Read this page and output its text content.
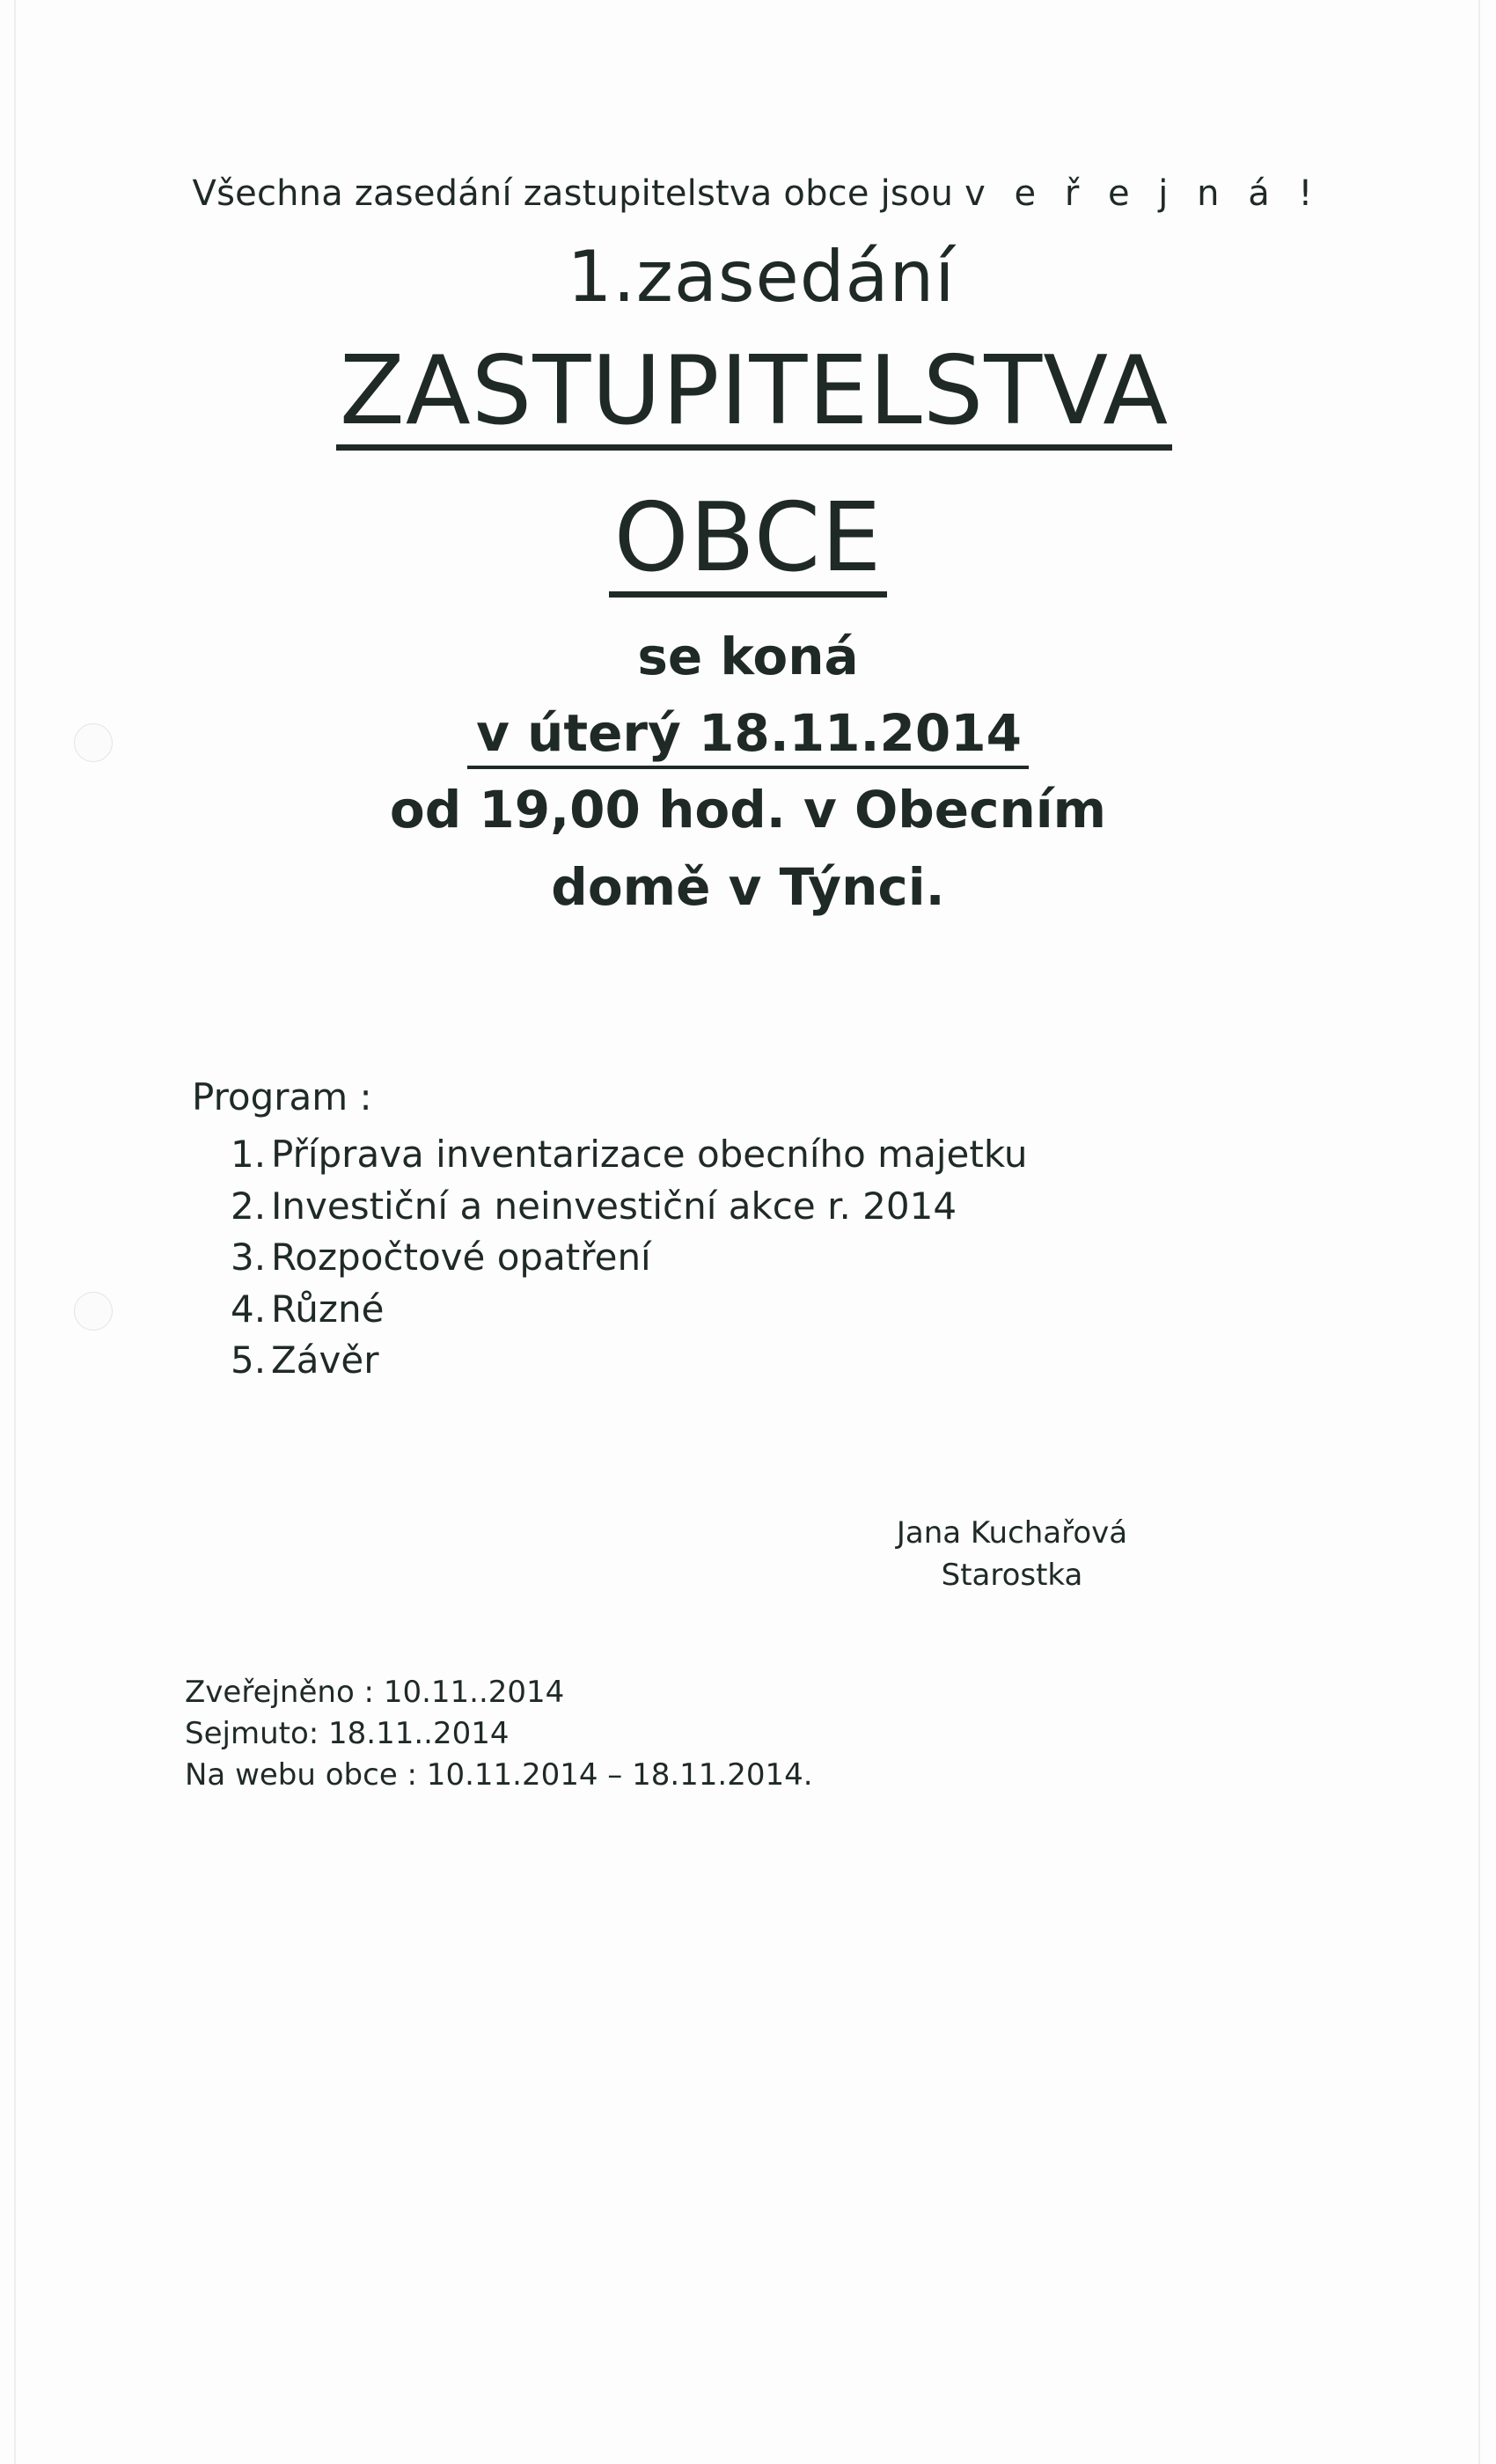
Všechna zasedání zastupitelstva obce jsou v e ř e j n á !
1.zasedání
ZASTUPITELSTVA
OBCE
se koná
v úterý 18.11.2014
od 19,00 hod. v Obecním
domě v Týnci.
Program :
1. Příprava inventarizace obecního majetku
2. Investiční a neinvestiční akce r. 2014
3. Rozpočtové opatření
4. Různé
5. Závěr
Jana Kuchařová
Starostka
Zveřejněno : 10.11..2014
Sejmuto: 18.11..2014
Na webu obce : 10.11.2014 – 18.11.2014.
